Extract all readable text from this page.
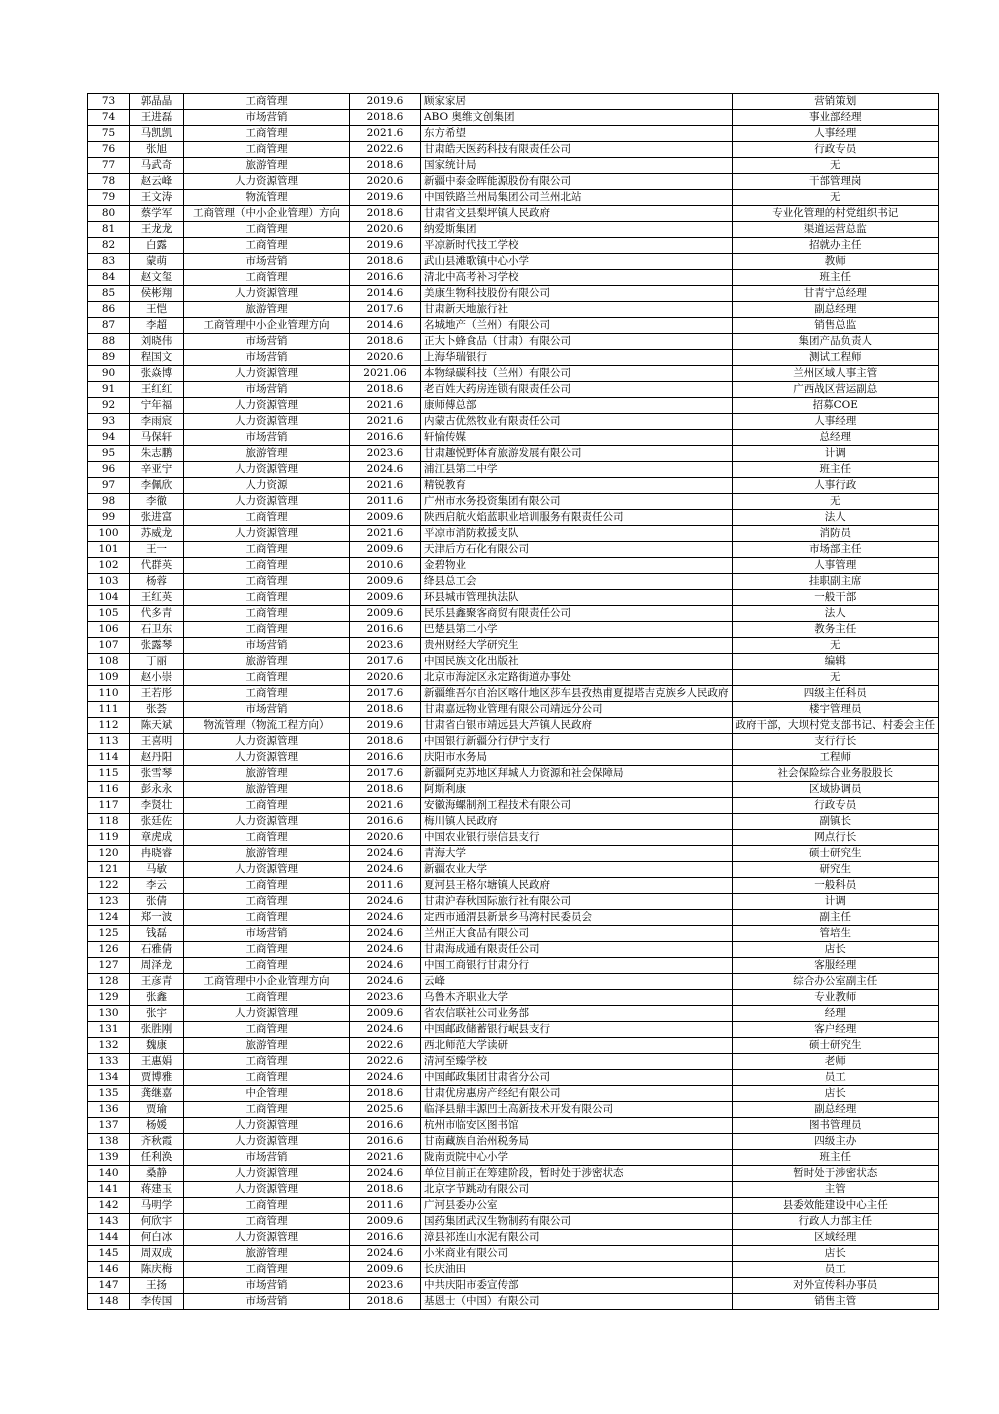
73	郭晶晶	工商管理	2019.6	顾家家居	营销策划
74	王进磊	市场营销	2018.6	ABO 奥维文创集团	事业部经理
75	马凯凯	工商管理	2021.6	东方希望	人事经理
76	张旭	工商管理	2022.6	甘肃皓天医药科技有限责任公司	行政专员
77	马武奇	旅游管理	2018.6	国家统计局	无
78	赵云峰	人力资源管理	2020.6	新疆中泰金晖能源股份有限公司	干部管理岗
79	王文涛	物流管理	2019.6	中国铁路兰州局集团公司兰州北站	无
80	蔡学军	工商管理（中小企业管理）方向	2018.6	甘肃省文县梨坪镇人民政府	专业化管理的村党组织书记
81	王龙龙	工商管理	2020.6	纳爱斯集团	渠道运营总监
82	白露	工商管理	2019.6	平凉新时代技工学校	招就办主任
83	蒙萌	市场营销	2018.6	武山县滩歌镇中心小学	教师
84	赵文玺	工商管理	2016.6	清北中高考补习学校	班主任
85	侯彬翔	人力资源管理	2014.6	美康生物科技股份有限公司	甘青宁总经理
86	王恺	旅游管理	2017.6	甘肃新天地旅行社	副总经理
87	李超	工商管理中小企业管理方向	2014.6	名城地产（兰州）有限公司	销售总监
88	刘晓伟	市场营销	2018.6	正大卜蜂食品（甘肃）有限公司	集团产品负责人
89	程国文	市场营销	2020.6	上海华瑞银行	测试工程师
90	张焱博	人力资源管理	2021.06	本物绿碳科技（兰州）有限公司	兰州区域人事主管
91	王红红	市场营销	2018.6	老百姓大药房连锁有限责任公司	广西战区营运副总
92	宁年福	人力资源管理	2021.6	康师傅总部	招募COE
93	李雨宸	人力资源管理	2021.6	内蒙古优然牧业有限责任公司	人事经理
94	马保轩	市场营销	2016.6	轩愉传媒	总经理
95	朱志鹏	旅游管理	2023.6	甘肃趣悦野体育旅游发展有限公司	计调
96	辛亚宁	人力资源管理	2024.6	浦江县第二中学	班主任
97	李佩欣	人力资源	2021.6	精锐教育	人事行政
98	李徹	人力资源管理	2011.6	广州市水务投资集团有限公司	无
99	张进富	工商管理	2009.6	陕西启航火焰蓝职业培训服务有限责任公司	法人
100	苏威龙	人力资源管理	2021.6	平凉市消防救援支队	消防员
101	王一	工商管理	2009.6	天津后方石化有限公司	市场部主任
102	代群英	工商管理	2010.6	金碧物业	人事管理
103	杨蓉	工商管理	2009.6	绛县总工会	挂职副主席
104	王红英	工商管理	2009.6	环县城市管理执法队	一般干部
105	代多青	工商管理	2009.6	民乐县鑫聚客商贸有限责任公司	法人
106	石卫东	工商管理	2016.6	巴楚县第二小学	教务主任
107	张露琴	市场营销	2023.6	贵州财经大学研究生	无
108	丁丽	旅游管理	2017.6	中国民族文化出版社	编辑
109	赵小崇	工商管理	2020.6	北京市海淀区永定路街道办事处	无
110	王若彤	工商管理	2017.6	新疆维吾尔自治区喀什地区莎车县孜热甫夏提塔吉克族乡人民政府	四级主任科员
111	张荟	市场营销	2018.6	甘肃嘉远物业管理有限公司靖远分公司	楼宇管理员
112	陈天斌	物流管理（物流工程方向）	2019.6	甘肃省白银市靖远县大芦镇人民政府	政府干部，大坝村党支部书记、村委会主任
113	王喜明	人力资源管理	2018.6	中国银行新疆分行伊宁支行	支行行长
114	赵丹阳	人力资源管理	2016.6	庆阳市水务局	工程师
115	张雪琴	旅游管理	2017.6	新疆阿克苏地区拜城人力资源和社会保障局	社会保险综合业务股股长
116	彭永永	旅游管理	2018.6	阿斯利康	区域协调员
117	李贤壮	工商管理	2021.6	安徽海螺制剂工程技术有限公司	行政专员
118	张廷佐	人力资源管理	2016.6	梅川镇人民政府	副镇长
119	章虎成	工商管理	2020.6	中国农业银行崇信县支行	网点行长
120	冉晓睿	旅游管理	2024.6	青海大学	硕士研究生
121	马敏	人力资源管理	2024.6	新疆农业大学	研究生
122	李云	工商管理	2011.6	夏河县王格尔塘镇人民政府	一般科员
123	张倩	工商管理	2024.6	甘肃沪春秋国际旅行社有限公司	计调
124	郑一波	工商管理	2024.6	定西市通渭县新景乡马湾村民委员会	副主任
125	钱磊	市场营销	2024.6	兰州正大食品有限公司	管培生
126	石雅倩	工商管理	2024.6	甘肃海成通有限责任公司	店长
127	周泽龙	工商管理	2024.6	中国工商银行甘肃分行	客服经理
128	王彦青	工商管理中小企业管理方向	2024.6	云峰	综合办公室副主任
129	张鑫	工商管理	2023.6	乌鲁木齐职业大学	专业教师
130	张宇	人力资源管理	2009.6	省农信联社公司业务部	经理
131	张胜刚	工商管理	2024.6	中国邮政储蓄银行岷县支行	客户经理
132	魏康	旅游管理	2022.6	西北师范大学读研	硕士研究生
133	王惠娟	工商管理	2022.6	清河至臻学校	老师
134	贾博雅	工商管理	2024.6	中国邮政集团甘肃省分公司	员工
135	龚继嘉	中企管理	2018.6	甘肃优房惠房产经纪有限公司	店长
136	贾瑜	工商管理	2025.6	临泽县鼎丰源凹土高新技术开发有限公司	副总经理
137	杨媛	人力资源管理	2016.6	杭州市临安区图书馆	图书管理员
138	齐秋霞	人力资源管理	2016.6	甘南藏族自治州税务局	四级主办
139	任利涣	市场营销	2021.6	陇南贡院中心小学	班主任
140	桑静	人力资源管理	2024.6	单位目前正在筹建阶段，暂时处于涉密状态	暂时处于涉密状态
141	蒋建玉	人力资源管理	2018.6	北京字节跳动有限公司	主管
142	马明学	工商管理	2011.6	广河县委办公室	县委效能建设中心主任
143	何欣宇	工商管理	2009.6	国药集团武汉生物制药有限公司	行政人力部主任
144	何白冰	人力资源管理	2016.6	漳县祁连山水泥有限公司	区域经理
145	周双成	旅游管理	2024.6	小米商业有限公司	店长
146	陈庆梅	工商管理	2009.6	长庆油田	员工
147	王扬	市场营销	2023.6	中共庆阳市委宣传部	对外宣传科办事员
148	李传国	市场营销	2018.6	基恩士（中国）有限公司	销售主管
